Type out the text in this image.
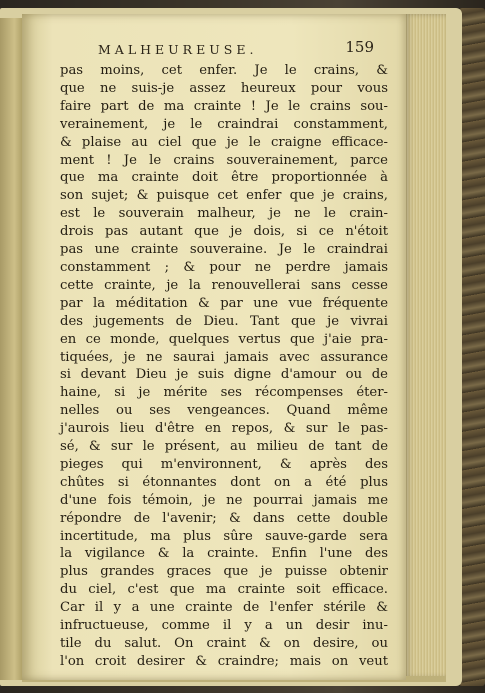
MALHEUREUSE.	159
pas moins, cet enfer. Je le crains, &
que ne suis-je assez heureux pour vous
faire part de ma crainte ! Je le crains sou-
verainement, je le craindrai constamment,
& plaise au ciel que je le craigne efficace-
ment ! Je le crains souverainement, parce
que ma crainte doit être proportionnée à
son sujet; & puisque cet enfer que je crains,
est le souverain malheur, je ne le crain-
drois pas autant que je dois, si ce n'étoit
pas une crainte souveraine. Je le craindrai
constamment ; & pour ne perdre jamais
cette crainte, je la renouvellerai sans cesse
par la méditation & par une vue fréquente
des jugements de Dieu. Tant que je vivrai
en ce monde, quelques vertus que j'aie pra-
tiquées, je ne saurai jamais avec assurance
si devant Dieu je suis digne d'amour ou de
haine, si je mérite ses récompenses éter-
nelles ou ses vengeances. Quand même
j'aurois lieu d'être en repos, & sur le pas-
sé, & sur le présent, au milieu de tant de
pieges qui m'environnent, & après des
chûtes si étonnantes dont on a été plus
d'une fois témoin, je ne pourrai jamais me
répondre de l'avenir; & dans cette double
incertitude, ma plus sûre sauve-garde sera
la vigilance & la crainte. Enfin l'une des
plus grandes graces que je puisse obtenir
du ciel, c'est que ma crainte soit efficace.
Car il y a une crainte de l'enfer stérile &
infructueuse, comme il y a un desir inu-
tile du salut. On craint & on desire, ou
l'on croit desirer & craindre; mais on veut
